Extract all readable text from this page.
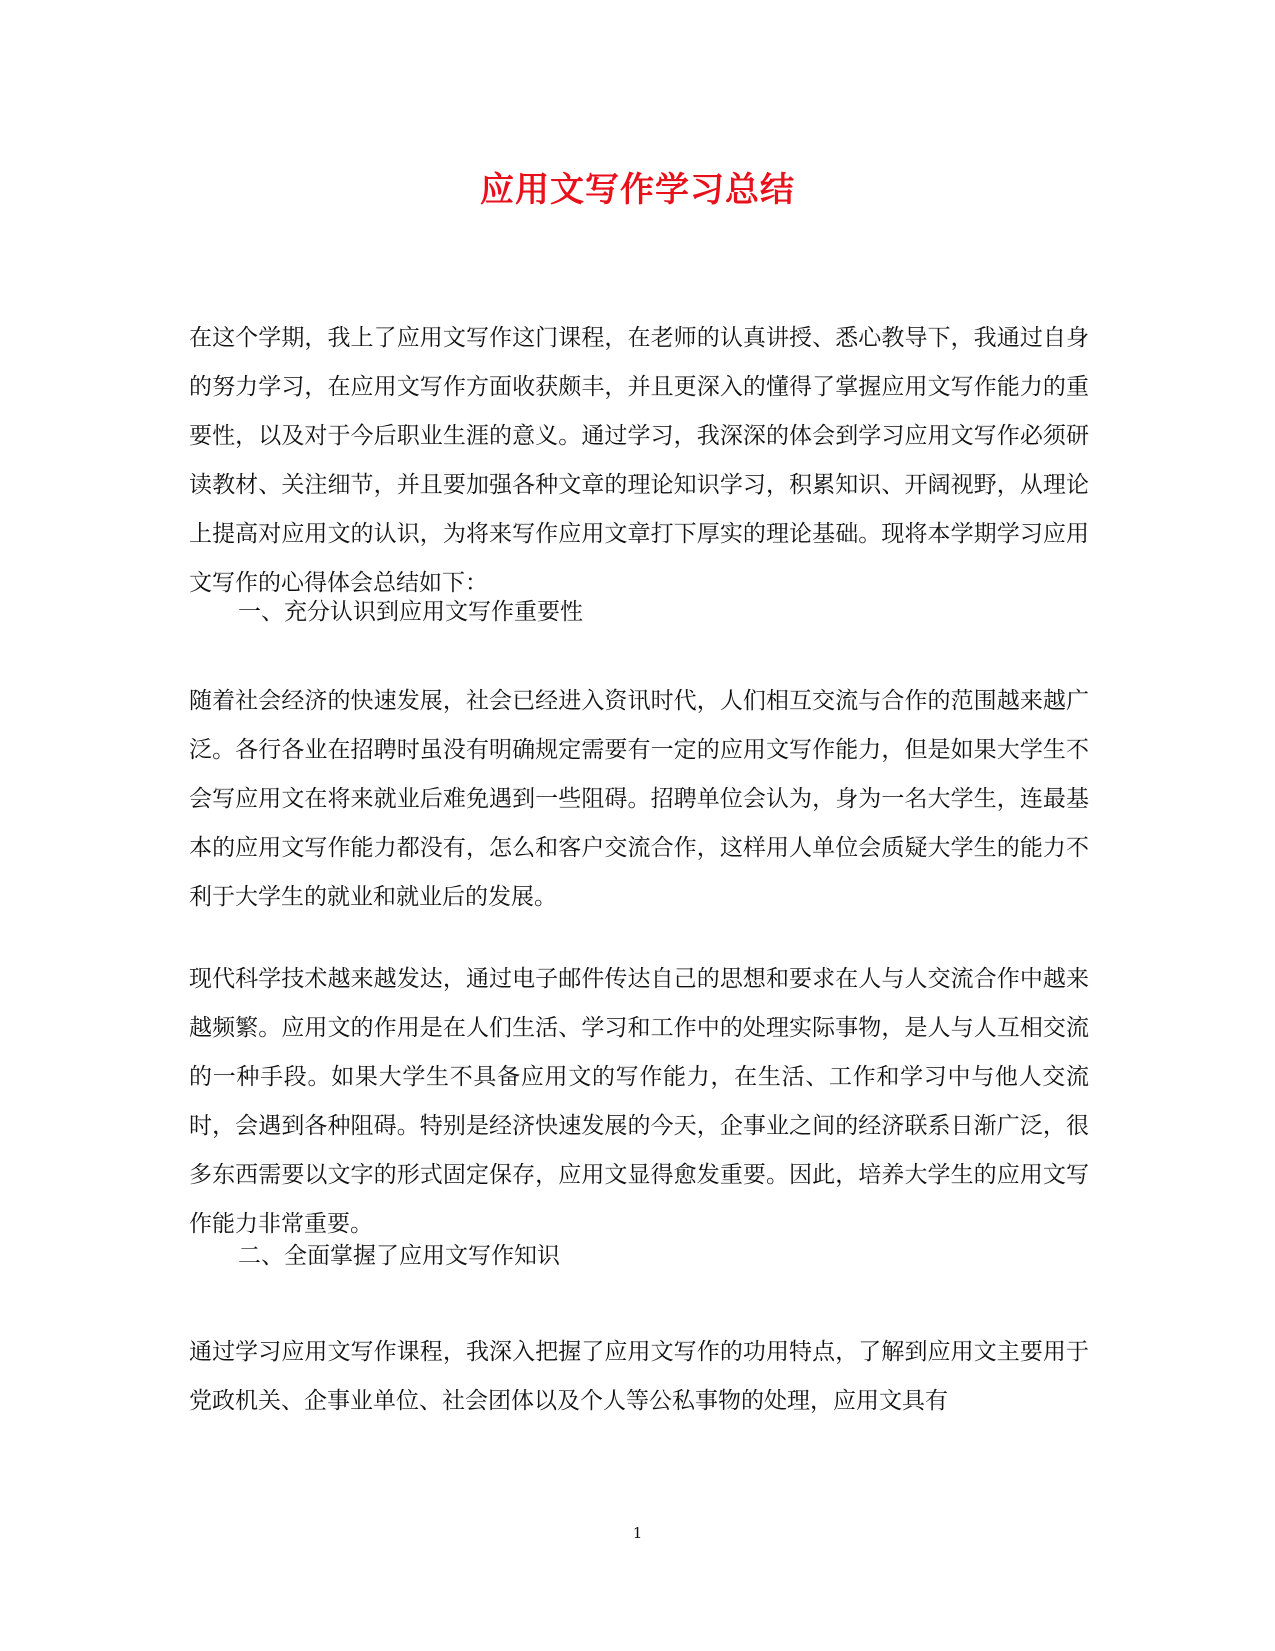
应用文写作学习总结

在这个学期，我上了应用文写作这门课程，在老师的认真讲授、悉心教导下，我通过自身的努力学习，在应用文写作方面收获颇丰，并且更深入的懂得了掌握应用文写作能力的重要性，以及对于今后职业生涯的意义。通过学习，我深深的体会到学习应用文写作必须研读教材、关注细节，并且要加强各种文章的理论知识学习，积累知识、开阔视野，从理论上提高对应用文的认识，为将来写作应用文章打下厚实的理论基础。现将本学期学习应用文写作的心得体会总结如下：

一、充分认识到应用文写作重要性

随着社会经济的快速发展，社会已经进入资讯时代，人们相互交流与合作的范围越来越广泛。各行各业在招聘时虽没有明确规定需要有一定的应用文写作能力，但是如果大学生不会写应用文在将来就业后难免遇到一些阻碍。招聘单位会认为，身为一名大学生，连最基本的应用文写作能力都没有，怎么和客户交流合作，这样用人单位会质疑大学生的能力不利于大学生的就业和就业后的发展。

现代科学技术越来越发达，通过电子邮件传达自己的思想和要求在人与人交流合作中越来越频繁。应用文的作用是在人们生活、学习和工作中的处理实际事物，是人与人互相交流的一种手段。如果大学生不具备应用文的写作能力，在生活、工作和学习中与他人交流时，会遇到各种阻碍。特别是经济快速发展的今天，企事业之间的经济联系日渐广泛，很多东西需要以文字的形式固定保存，应用文显得愈发重要。因此，培养大学生的应用文写作能力非常重要。

二、全面掌握了应用文写作知识

通过学习应用文写作课程，我深入把握了应用文写作的功用特点，了解到应用文主要用于党政机关、企事业单位、社会团体以及个人等公私事物的处理，应用文具有

1
